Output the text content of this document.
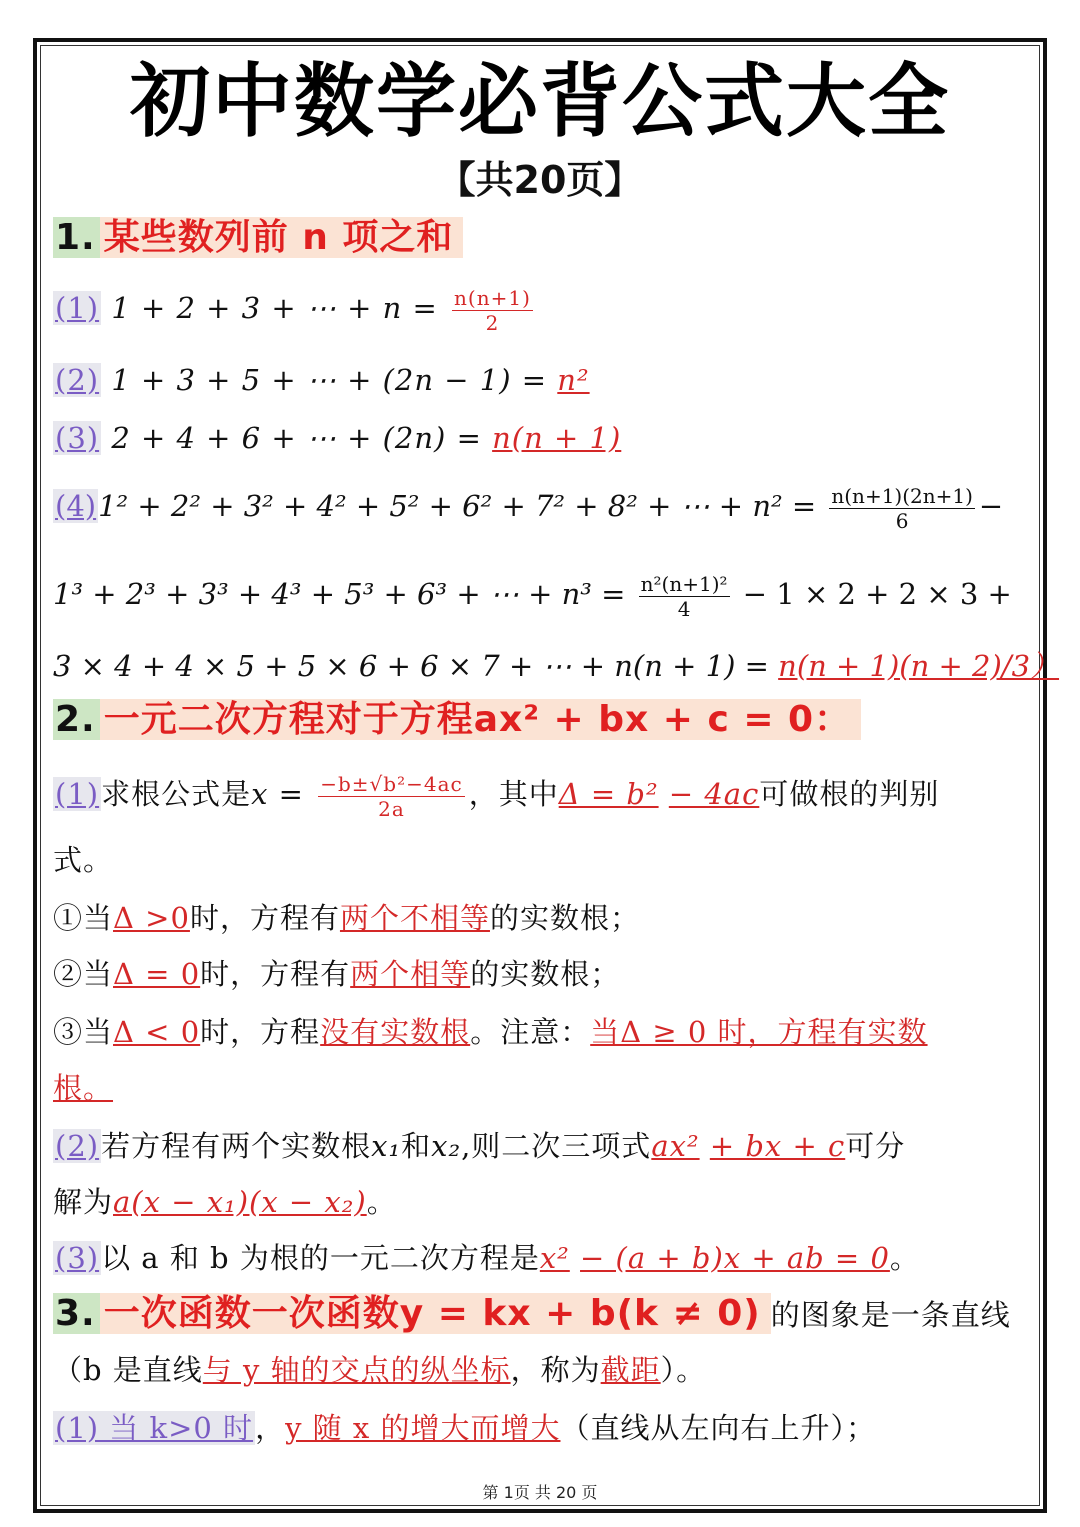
初中数学必背公式大全
【共20页】
1. 某些数列前 n 项之和
(1) 1 + 2 + 3 + ⋯ + $n = \frac{n(n+1)}{2}$
(2) 1 + 3 + 5 + ⋯ + (2n − 1) = n²
(3) 2 + 4 + 6 + ⋯ + (2n) = n(n + 1)
(4)1² + 2² + 3² + 4² + 5² + 6² + 7² + 8² + ⋯ + $n^2 = \frac{n(n+1)(2n+1)}{6}$ −
1³ + 2³ + 3³ + 4³ + 5³ + 6³ + ⋯ + $n^3 = \frac{\text{n²(n+1)²}}{4} - 1 \times 2 + 2 \times 3$ +
3 × 4 + 4 × 5 + 5 × 6 + 6 × 7 + ⋯ + n(n + 1) = n(n + 1)(n + 2)/3）
2. 一元二次方程对于方程ax² + bx + c = 0：
(1)求根公式是$x = \frac{\text{−b±√b²−4ac}}{2a}$ ，其中Δ = b² − 4ac可做根的判别
式。
①当Δ >0时，方程有两个不相等的实数根；
②当Δ = 0时，方程有两个相等的实数根；
③当Δ < 0时，方程没有实数根。注意：当Δ ≥ 0 时，方程有实数
根。
(2)若方程有两个实数根x₁和x₂,则二次三项式ax² + bx + c可分
解为a(x − x₁)(x − x₂)。
(3)以 a 和 b 为根的一元二次方程是x² − (a + b)x + ab = 0。
3. 一次函数一次函数y = kx + b(k ≠ 0) 的图象是一条直线
（b 是直线与 y 轴的交点的纵坐标，称为截距）。
(1) 当 k>0 时，y 随 x 的增大而增大（直线从左向右上升）；
第 1页 共 20 页
